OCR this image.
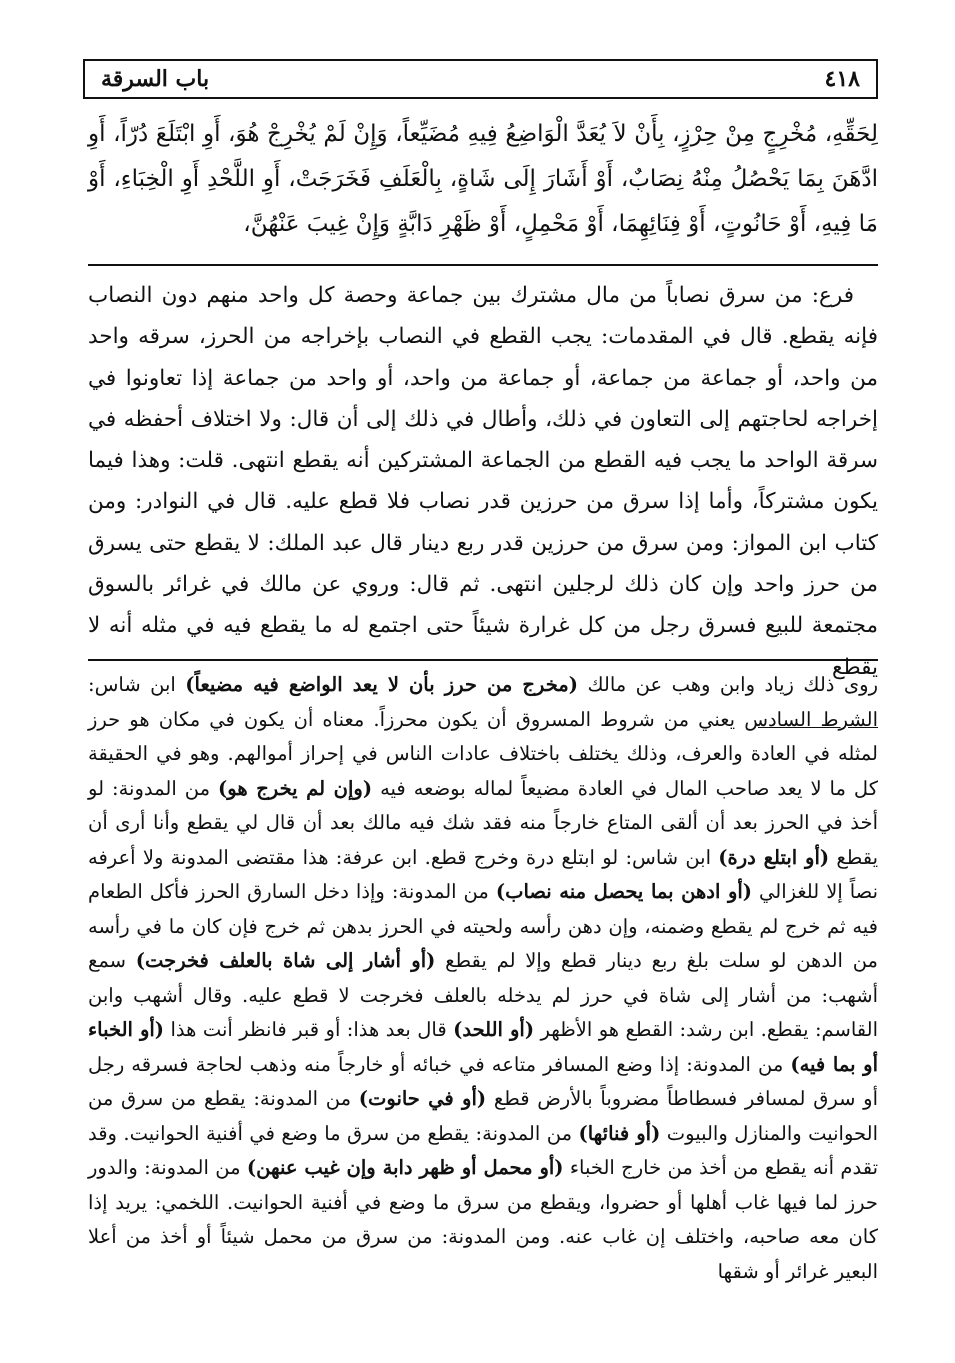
٤١٨
باب السرقة
لِحَقِّهِ، مُخْرِجٍ مِنْ حِرْزٍ، بِأَنْ لاَ يُعَدَّ الْوَاضِعُ فِيهِ مُضَيِّعاً، وَإِنْ لَمْ يُخْرِجْ هُوَ، أَوِ ابْتَلَعَ دُرّاً، أَوِ ادَّهَنَ بِمَا يَحْصُلُ مِنْهُ نِصَابٌ، أَوْ أَشَارَ إِلَى شَاةٍ، بِالْعَلَفِ فَخَرَجَتْ، أَوِ اللَّحْدِ أَوِ الْخِبَاءِ، أَوْ مَا فِيهِ، أَوْ حَانُوتٍ، أَوْ فِنَائِهِمَا، أَوْ مَحْمِلٍ، أَوْ ظَهْرِ دَابَّةٍ وَإِنْ غِيبَ عَنْهُنَّ،
فرع: من سرق نصاباً من مال مشترك بين جماعة وحصة كل واحد منهم دون النصاب فإنه يقطع. قال في المقدمات: يجب القطع في النصاب بإخراجه من الحرز، سرقه واحد من واحد، أو جماعة من جماعة، أو جماعة من واحد، أو واحد من جماعة إذا تعاونوا في إخراجه لحاجتهم إلى التعاون في ذلك، وأطال في ذلك إلى أن قال: ولا اختلاف أحفظه في سرقة الواحد ما يجب فيه القطع من الجماعة المشتركين أنه يقطع انتهى. قلت: وهذا فيما يكون مشتركاً، وأما إذا سرق من حرزين قدر نصاب فلا قطع عليه. قال في النوادر: ومن كتاب ابن المواز: ومن سرق من حرزين قدر ربع دينار قال عبد الملك: لا يقطع حتى يسرق من حرز واحد وإن كان ذلك لرجلين انتهى. ثم قال: وروي عن مالك في غرائر بالسوق مجتمعة للبيع فسرق رجل من كل غرارة شيئاً حتى اجتمع له ما يقطع فيه في مثله أنه لا يقطع
روى ذلك زياد وابن وهب عن مالك (مخرج من حرز بأن لا يعد الواضع فيه مضيعاً) ابن شاس: الشرط السادس يعني من شروط المسروق أن يكون محرزاً. معناه أن يكون في مكان هو حرز لمثله في العادة والعرف، وذلك يختلف باختلاف عادات الناس في إحراز أموالهم. وهو في الحقيقة كل ما لا يعد صاحب المال في العادة مضيعاً لماله بوضعه فيه (وإن لم يخرج هو) من المدونة: لو أخذ في الحرز بعد أن ألقى المتاع خارجاً منه فقد شك فيه مالك بعد أن قال لي يقطع وأنا أرى أن يقطع (أو ابتلع درة) ابن شاس: لو ابتلع درة وخرج قطع. ابن عرفة: هذا مقتضى المدونة ولا أعرفه نصاً إلا للغزالي (أو ادهن بما يحصل منه نصاب) من المدونة: وإذا دخل السارق الحرز فأكل الطعام فيه ثم خرج لم يقطع وضمنه، وإن دهن رأسه ولحيته في الحرز بدهن ثم خرج فإن كان ما في رأسه من الدهن لو سلت بلغ ربع دينار قطع وإلا لم يقطع (أو أشار إلى شاة بالعلف فخرجت) سمع أشهب: من أشار إلى شاة في حرز لم يدخله بالعلف فخرجت لا قطع عليه. وقال أشهب وابن القاسم: يقطع. ابن رشد: القطع هو الأظهر (أو اللحد) قال بعد هذا: أو قبر فانظر أنت هذا (أو الخباء أو بما فيه) من المدونة: إذا وضع المسافر متاعه في خبائه أو خارجاً منه وذهب لحاجة فسرقه رجل أو سرق لمسافر فسطاطاً مضروباً بالأرض قطع (أو في حانوت) من المدونة: يقطع من سرق من الحوانيت والمنازل والبيوت (أو فنائها) من المدونة: يقطع من سرق ما وضع في أفنية الحوانيت. وقد تقدم أنه يقطع من أخذ من خارج الخباء (أو محمل أو ظهر دابة وإن غيب عنهن) من المدونة: والدور حرز لما فيها غاب أهلها أو حضروا، ويقطع من سرق ما وضع في أفنية الحوانيت. اللخمي: يريد إذا كان معه صاحبه، واختلف إن غاب عنه. ومن المدونة: من سرق من محمل شيئاً أو أخذ من أعلا البعير غرائر أو شقها
